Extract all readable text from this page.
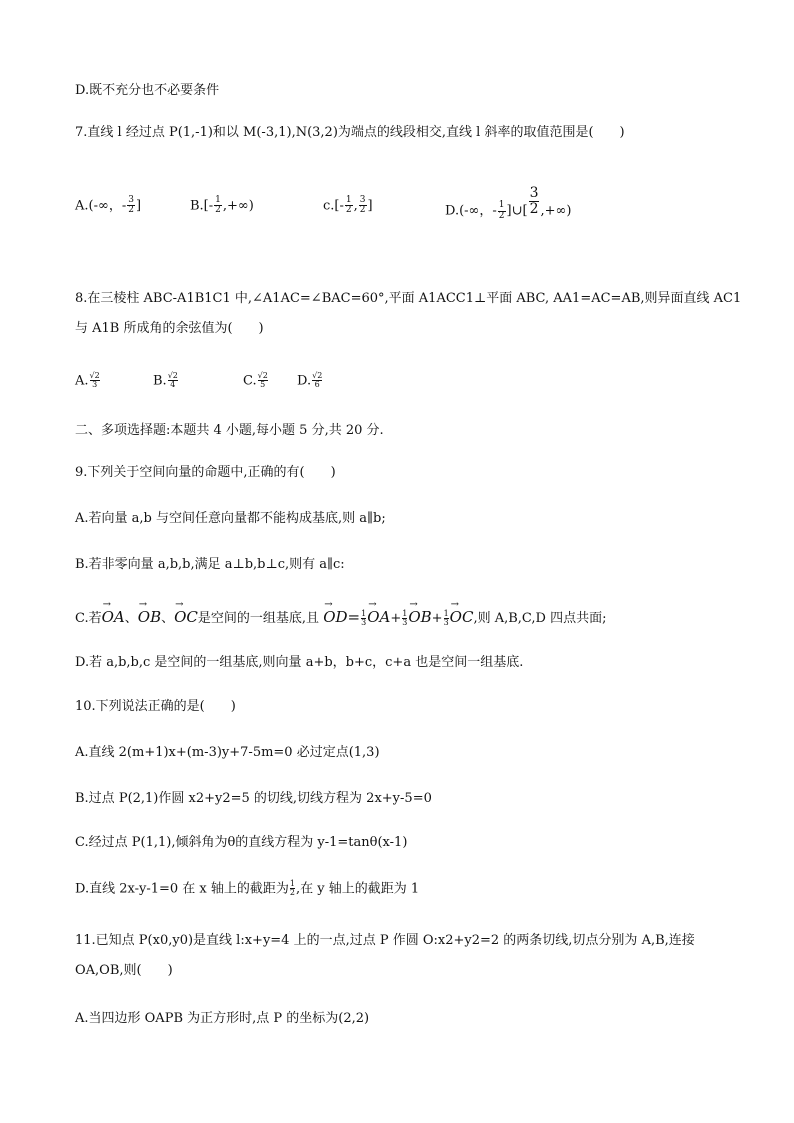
D.既不充分也不必要条件
7.直线 l 经过点 P(1,-1)和以 M(-3,1),N(3,2)为端点的线段相交,直线 l 斜率的取值范围是(　　)
A.(-∞，- $\frac{3}{2}$ ]	$B.[- \frac{1}{2}$ ,+∞)	$c.[- \frac{1}{2}$ , $\frac{3}{2}$ ]	D.(-∞，- $\frac{1}{2}$ ]∪[ $\frac{3}{2}$ ,+∞)
8.在三棱柱 ABC-A1B1C1 中,∠A1AC=∠BAC=60°,平面 A1ACC1⊥平面 ABC, AA1=AC=AB,则异面直线 AC1
与 A1B 所成角的余弦值为(　　)
A. $\frac{√2}{3}$	B. $\frac{√2}{4}$	C. $\frac{√2}{5} D$. $\frac{√2}{6}$
二、多项选择题:本题共 4 小题,每小题 5 分,共 20 分.
9.下列关于空间向量的命题中,正确的有(　　)
A.若向量 a,b 与空间任意向量都不能构成基底,则 a∥b;
B.若非零向量 a,b,b,满足 a⊥b,b⊥c,则有 a∥c:
C.若→ OA、→ OB、→ OC是空间的一组基底,且 → $OD= \frac{1}{3}$
→ $OA+ \frac{1}{3}$
→ $OB+ \frac{1}{3}$
→ OC,则 A,B,C,D 四点共面;
D.若 a,b,b,c 是空间的一组基底,则向量 a+b，b+c，c+a 也是空间一组基底.
10.下列说法正确的是(　　)
A.直线 2(m+1)x+(m-3)y+7-5m=0 必过定点(1,3)
B.过点 P(2,1)作圆 x2+y2=5 的切线,切线方程为 2x+y-5=0
C.经过点 P(1,1),倾斜角为θ的直线方程为 y-1=tanθ(x-1)
D.直线 2x-y-1=0 在 x 轴上的截距为 $\frac{1}{2}$ ,在 y 轴上的截距为 1
11.已知点 P(x0,y0)是直线 l:x+y=4 上的一点,过点 P 作圆 O:x2+y2=2 的两条切线,切点分别为 A,B,连接
OA,OB,则(　　)
A.当四边形 OAPB 为正方形时,点 P 的坐标为(2,2)
